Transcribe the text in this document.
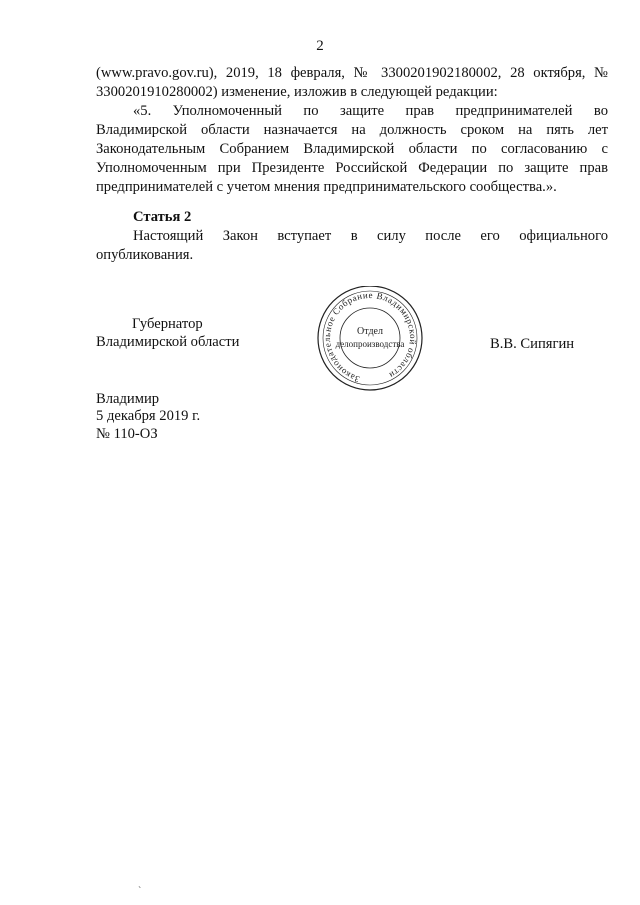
2
(www.pravo.gov.ru), 2019, 18 февраля, № 3300201902180002, 28 октября, №
3300201910280002) изменение, изложив в следующей редакции:
«5. Уполномоченный по защите прав предпринимателей во
Владимирской области назначается на должность сроком на пять лет
Законодательным Собранием Владимирской области по согласованию с
Уполномоченным при Президенте Российской Федерации по защите прав
предпринимателей с учетом мнения предпринимательского сообщества.».
Статья 2
Настоящий Закон вступает в силу после его официального
опубликования.
Губернатор
Владимирской области	В.В. Сипягин
Законодательное Собрание Владимирской области
Отдел
делопроизводства
Владимир
5 декабря 2019 г.
№ 110-ОЗ
`
